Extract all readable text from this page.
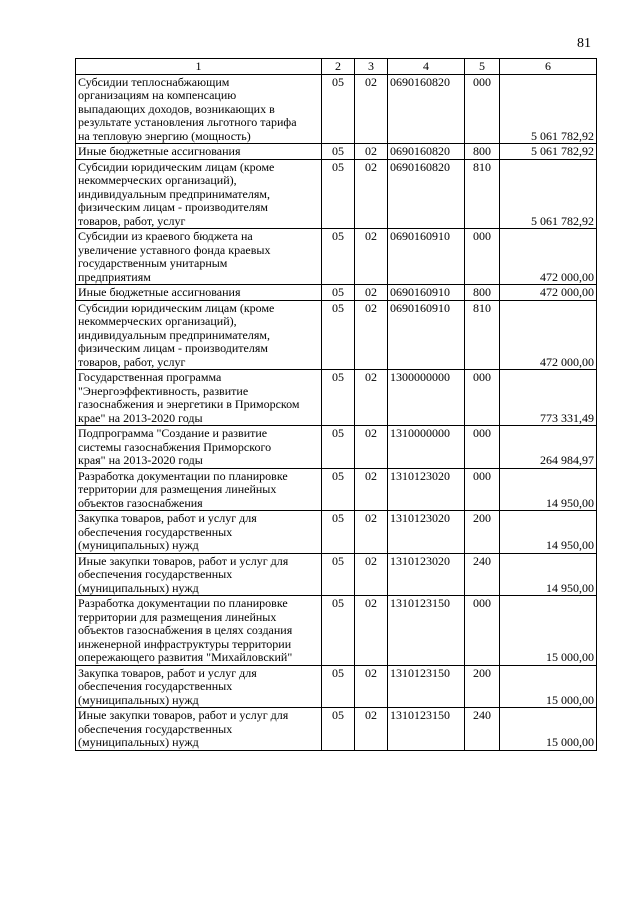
81
1	2	3	4	5	6

Субсидии теплоснабжающим
организациям на компенсацию
выпадающих доходов, возникающих в
результате установления льготного тарифа
на тепловую энергию (мощность)	05	02	0690160820	000	5 061 782,92

Иные бюджетные ассигнования	05	02	0690160820	800	5 061 782,92

Субсидии юридическим лицам (кроме
некоммерческих организаций),
индивидуальным предпринимателям,
физическим лицам - производителям
товаров, работ, услуг	05	02	0690160820	810	5 061 782,92

Субсидии из краевого бюджета на
увеличение уставного фонда краевых
государственным унитарным
предприятиям	05	02	0690160910	000	472 000,00

Иные бюджетные ассигнования	05	02	0690160910	800	472 000,00

Субсидии юридическим лицам (кроме
некоммерческих организаций),
индивидуальным предпринимателям,
физическим лицам - производителям
товаров, работ, услуг	05	02	0690160910	810	472 000,00

Государственная программа
"Энергоэффективность, развитие
газоснабжения и энергетики в Приморском
крае" на 2013-2020 годы	05	02	1300000000	000	773 331,49

Подпрограмма "Создание и развитие
системы газоснабжения Приморского
края" на 2013-2020 годы	05	02	1310000000	000	264 984,97

Разработка документации по планировке
территории для размещения линейных
объектов газоснабжения	05	02	1310123020	000	14 950,00

Закупка товаров, работ и услуг для
обеспечения государственных
(муниципальных) нужд	05	02	1310123020	200	14 950,00

Иные закупки товаров, работ и услуг для
обеспечения государственных
(муниципальных) нужд	05	02	1310123020	240	14 950,00

Разработка документации по планировке
территории для размещения линейных
объектов газоснабжения в целях создания
инженерной инфраструктуры территории
опережающего развития "Михайловский"	05	02	1310123150	000	15 000,00

Закупка товаров, работ и услуг для
обеспечения государственных
(муниципальных) нужд	05	02	1310123150	200	15 000,00

Иные закупки товаров, работ и услуг для
обеспечения государственных
(муниципальных) нужд	05	02	1310123150	240	15 000,00
